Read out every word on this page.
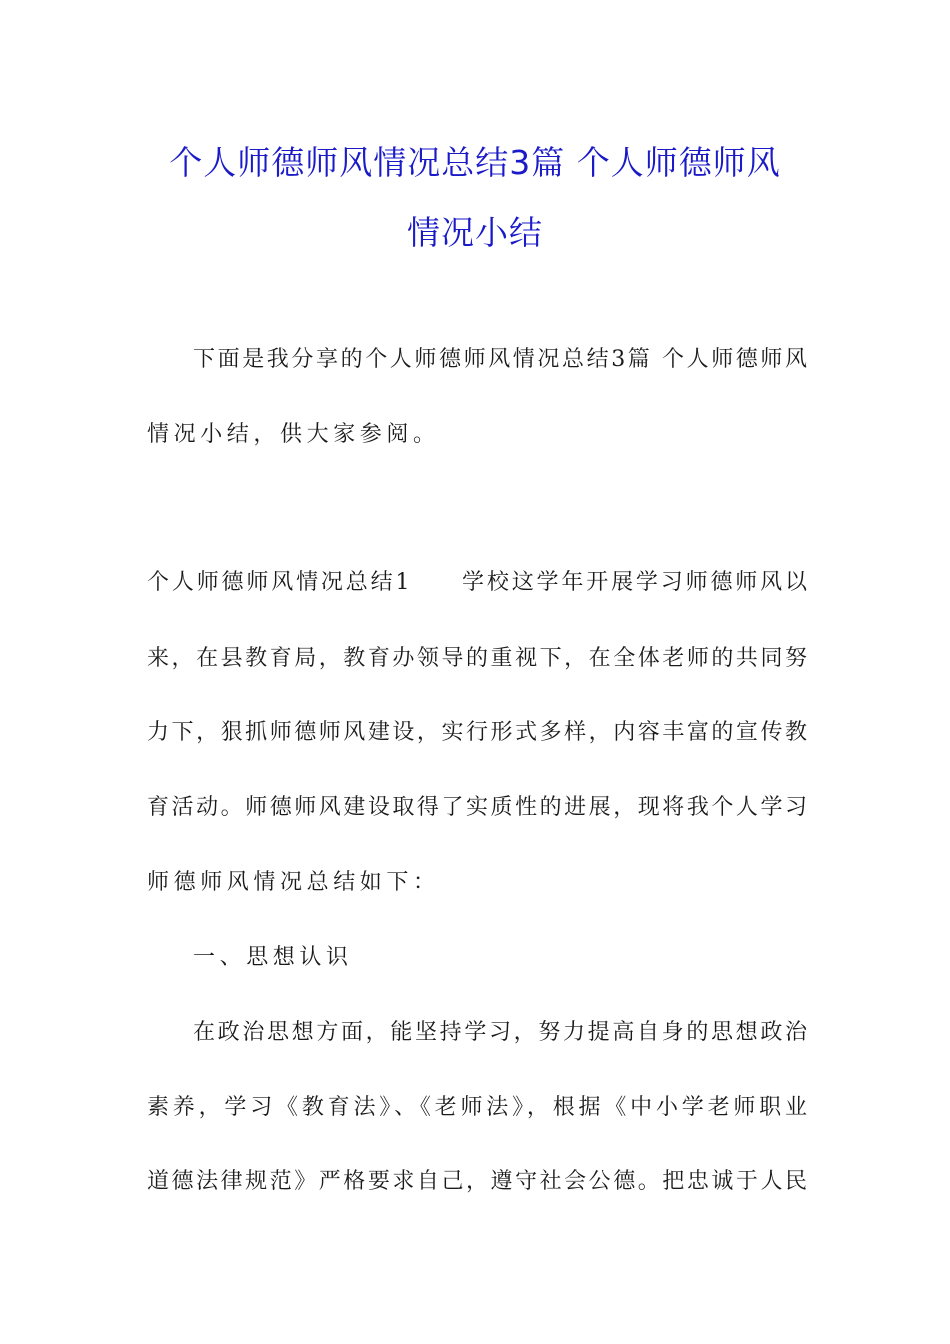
个人师德师风情况总结3篇 个人师德师风
情况小结
下面是我分享的个人师德师风情况总结3篇 个人师德师风
情况小结，供大家参阅。
个人师德师风情况总结1　　学校这学年开展学习师德师风以
来，在县教育局，教育办领导的重视下，在全体老师的共同努
力下，狠抓师德师风建设，实行形式多样，内容丰富的宣传教
育活动。师德师风建设取得了实质性的进展，现将我个人学习
师德师风情况总结如下：
一、思想认识
在政治思想方面，能坚持学习，努力提高自身的思想政治
素养，学习《教育法》、《老师法》，根据《中小学老师职业
道德法律规范》严格要求自己，遵守社会公德。把忠诚于人民
